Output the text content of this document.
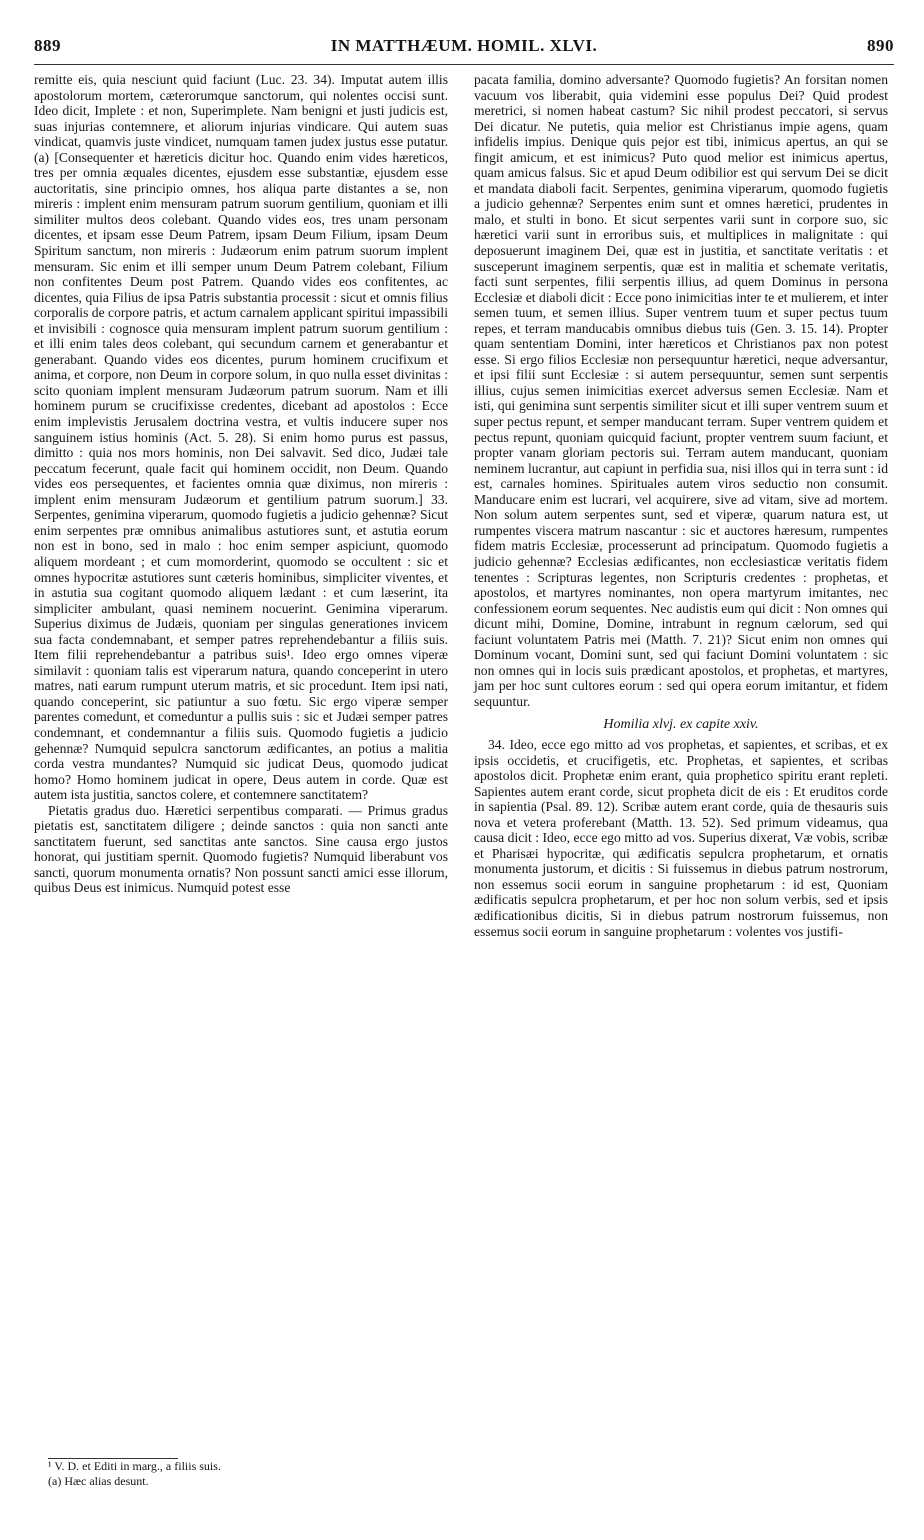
889	IN MATTHÆUM. HOMIL. XLVI.	890

remitte eis, quia nesciunt quid faciunt (Luc. 23. 34). Imputat autem illis apostolorum mortem, cæterorumque sanctorum, qui nolentes occisi sunt. Ideo dicit, Implete : et non, Superimplete. Nam benigni et justi judicis est, suas injurias contemnere, et aliorum injurias vindicare. Qui autem suas vindicat, quamvis juste vindicet, numquam tamen judex justus esse putatur. (a) [Consequenter et hæreticis dicitur hoc. Quando enim vides hæreticos, tres per omnia æquales dicentes, ejusdem esse substantiæ, ejusdem esse auctoritatis, sine principio omnes, hos aliqua parte distantes a se, non mireris : implent enim mensuram patrum suorum gentilium, quoniam et illi similiter multos deos colebant. Quando vides eos, tres unam personam dicentes, et ipsam esse Deum Patrem, ipsam Deum Filium, ipsam Deum Spiritum sanctum, non mireris : Judæorum enim patrum suorum implent mensuram. Sic enim et illi semper unum Deum Patrem colebant, Filium non confitentes Deum post Patrem. Quando vides eos confitentes, ac dicentes, quia Filius de ipsa Patris substantia processit : sicut et omnis filius corporalis de corpore patris, et actum carnalem applicant spiritui impassibili et invisibili : cognosce quia mensuram implent patrum suorum gentilium : et illi enim tales deos colebant, qui secundum carnem et generabantur et generabant. Quando vides eos dicentes, purum hominem crucifixum et anima, et corpore, non Deum in corpore solum, in quo nulla esset divinitas : scito quoniam implent mensuram Judæorum patrum suorum. Nam et illi hominem purum se crucifixisse credentes, dicebant ad apostolos : Ecce enim implevistis Jerusalem doctrina vestra, et vultis inducere super nos sanguinem istius hominis (Act. 5. 28). Si enim homo purus est passus, dimitto : quia nos mors hominis, non Dei salvavit. Sed dico, Judæi tale peccatum fecerunt, quale facit qui hominem occidit, non Deum. Quando vides eos persequentes, et facientes omnia quæ diximus, non mireris : implent enim mensuram Judæorum et gentilium patrum suorum.] 33. Serpentes, genimina viperarum, quomodo fugietis a judicio gehennæ? Sicut enim serpentes præ omnibus animalibus astutiores sunt, et astutia eorum non est in bono, sed in malo : hoc enim semper aspiciunt, quomodo aliquem mordeant ; et cum momorderint, quomodo se occultent : sic et omnes hypocritæ astutiores sunt cæteris hominibus, simpliciter viventes, et in astutia sua cogitant quomodo aliquem lædant : et cum læserint, ita simpliciter ambulant, quasi neminem nocuerint. Genimina viperarum. Superius diximus de Judæis, quoniam per singulas generationes invicem sua facta condemnabant, et semper patres reprehendebantur a filiis suis. Item filii reprehendebantur a patribus suis¹. Ideo ergo omnes viperæ similavit : quoniam talis est viperarum natura, quando conceperint in utero matres, nati earum rumpunt uterum matris, et sic procedunt. Item ipsi nati, quando conceperint, sic patiuntur a suo fœtu. Sic ergo viperæ semper parentes comedunt, et comeduntur a pullis suis : sic et Judæi semper patres condemnant, et condemnantur a filiis suis. Quomodo fugietis a judicio gehennæ? Numquid sepulcra sanctorum ædificantes, an potius a malitia corda vestra mundantes? Numquid sic judicat Deus, quomodo judicat homo? Homo hominem judicat in opere, Deus autem in corde. Quæ est autem ista justitia, sanctos colere, et contemnere sanctitatem?

Pietatis gradus duo. Hæretici serpentibus comparati. — Primus gradus pietatis est, sanctitatem diligere ; deinde sanctos : quia non sancti ante sanctitatem fuerunt, sed sanctitas ante sanctos. Sine causa ergo justos honorat, qui justitiam spernit. Quomodo fugietis? Numquid liberabunt vos sancti, quorum monumenta ornatis? Non possunt sancti amici esse illorum, quibus Deus est inimicus. Numquid potest esse

pacata familia, domino adversante? Quomodo fugietis? An forsitan nomen vacuum vos liberabit, quia videmini esse populus Dei? Quid prodest meretrici, si nomen habeat castum? Sic nihil prodest peccatori, si servus Dei dicatur. Ne putetis, quia melior est Christianus impie agens, quam infidelis impius. Denique quis pejor est tibi, inimicus apertus, an qui se fingit amicum, et est inimicus? Puto quod melior est inimicus apertus, quam amicus falsus. Sic et apud Deum odibilior est qui servum Dei se dicit et mandata diaboli facit. Serpentes, genimina viperarum, quomodo fugietis a judicio gehennæ? Serpentes enim sunt et omnes hæretici, prudentes in malo, et stulti in bono. Et sicut serpentes varii sunt in corpore suo, sic hæretici varii sunt in erroribus suis, et multiplices in malignitate : qui deposuerunt imaginem Dei, quæ est in justitia, et sanctitate veritatis : et susceperunt imaginem serpentis, quæ est in malitia et schemate veritatis, facti sunt serpentes, filii serpentis illius, ad quem Dominus in persona Ecclesiæ et diaboli dicit : Ecce pono inimicitias inter te et mulierem, et inter semen tuum, et semen illius. Super ventrem tuum et super pectus tuum repes, et terram manducabis omnibus diebus tuis (Gen. 3. 15. 14). Propter quam sententiam Domini, inter hæreticos et Christianos pax non potest esse. Si ergo filios Ecclesiæ non persequuntur hæretici, neque adversantur, et ipsi filii sunt Ecclesiæ : si autem persequuntur, semen sunt serpentis illius, cujus semen inimicitias exercet adversus semen Ecclesiæ. Nam et isti, qui genimina sunt serpentis similiter sicut et illi super ventrem suum et super pectus repunt, et semper manducant terram. Super ventrem quidem et pectus repunt, quoniam quicquid faciunt, propter ventrem suum faciunt, et propter vanam gloriam pectoris sui. Terram autem manducant, quoniam neminem lucrantur, aut capiunt in perfidia sua, nisi illos qui in terra sunt : id est, carnales homines. Spirituales autem viros seductio non consumit. Manducare enim est lucrari, vel acquirere, sive ad vitam, sive ad mortem. Non solum autem serpentes sunt, sed et viperæ, quarum natura est, ut rumpentes viscera matrum nascantur : sic et auctores hæresum, rumpentes fidem matris Ecclesiæ, processerunt ad principatum. Quomodo fugietis a judicio gehennæ? Ecclesias ædificantes, non ecclesiasticæ veritatis fidem tenentes : Scripturas legentes, non Scripturis credentes : prophetas, et apostolos, et martyres nominantes, non opera martyrum imitantes, nec confessionem eorum sequentes. Nec audistis eum qui dicit : Non omnes qui dicunt mihi, Domine, Domine, intrabunt in regnum cælorum, sed qui faciunt voluntatem Patris mei (Matth. 7. 21)? Sicut enim non omnes qui Dominum vocant, Domini sunt, sed qui faciunt Domini voluntatem : sic non omnes qui in locis suis prædicant apostolos, et prophetas, et martyres, jam per hoc sunt cultores eorum : sed qui opera eorum imitantur, et fidem sequuntur.

Homilia xlvj. ex capite xxiv.

34. Ideo, ecce ego mitto ad vos prophetas, et sapientes, et scribas, et ex ipsis occidetis, et crucifigetis, etc. Prophetas, et sapientes, et scribas apostolos dicit. Prophetæ enim erant, quia prophetico spiritu erant repleti. Sapientes autem erant corde, sicut propheta dicit de eis : Et eruditos corde in sapientia (Psal. 89. 12). Scribæ autem erant corde, quia de thesauris suis nova et vetera proferebant (Matth. 13. 52). Sed primum videamus, qua causa dicit : Ideo, ecce ego mitto ad vos. Superius dixerat, Væ vobis, scribæ et Pharisæi hypocritæ, qui ædificatis sepulcra prophetarum, et ornatis monumenta justorum, et dicitis : Si fuissemus in diebus patrum nostrorum, non essemus socii eorum in sanguine prophetarum : id est, Quoniam ædificatis sepulcra prophetarum, et per hoc non solum verbis, sed et ipsis ædificationibus dicitis, Si in diebus patrum nostrorum fuissemus, non essemus socii eorum in sanguine prophetarum : volentes vos justifi-

¹ V. D. et Editi in marg., a filiis suis.
(a) Hæc alias desunt.
